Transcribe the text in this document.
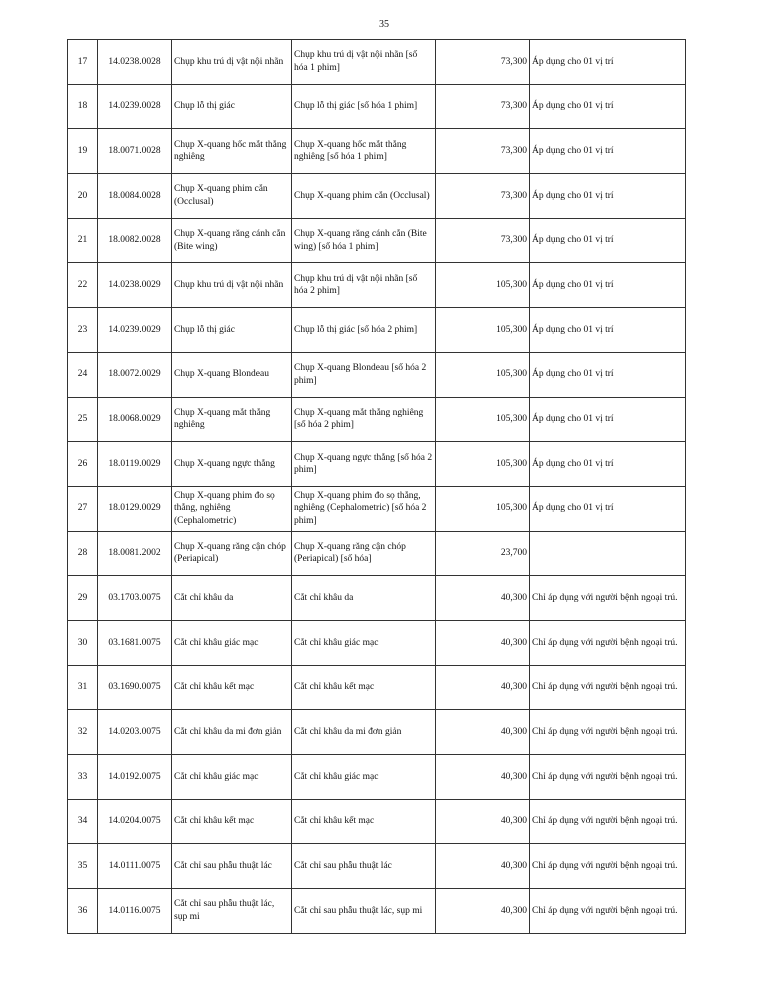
35
17	14.0238.0028	Chụp khu trú dị vật nội nhãn	Chụp khu trú dị vật nội nhãn [số hóa 1 phim]	73,300	Áp dụng cho 01 vị trí
18	14.0239.0028	Chụp lỗ thị giác	Chụp lỗ thị giác [số hóa 1 phim]	73,300	Áp dụng cho 01 vị trí
19	18.0071.0028	Chụp X-quang hốc mắt thẳng nghiêng	Chụp X-quang hốc mắt thẳng nghiêng [số hóa 1 phim]	73,300	Áp dụng cho 01 vị trí
20	18.0084.0028	Chụp X-quang phim cắn (Occlusal)	Chụp X-quang phim cắn (Occlusal)	73,300	Áp dụng cho 01 vị trí
21	18.0082.0028	Chụp X-quang răng cánh cắn (Bite wing)	Chụp X-quang răng cánh cắn (Bite wing) [số hóa 1 phim]	73,300	Áp dụng cho 01 vị trí
22	14.0238.0029	Chụp khu trú dị vật nội nhãn	Chụp khu trú dị vật nội nhãn [số hóa 2 phim]	105,300	Áp dụng cho 01 vị trí
23	14.0239.0029	Chụp lỗ thị giác	Chụp lỗ thị giác [số hóa 2 phim]	105,300	Áp dụng cho 01 vị trí
24	18.0072.0029	Chụp X-quang Blondeau	Chụp X-quang Blondeau [số hóa 2 phim]	105,300	Áp dụng cho 01 vị trí
25	18.0068.0029	Chụp X-quang mắt thẳng nghiêng	Chụp X-quang mắt thẳng nghiêng [số hóa 2 phim]	105,300	Áp dụng cho 01 vị trí
26	18.0119.0029	Chụp X-quang ngực thẳng	Chụp X-quang ngực thẳng [số hóa 2 phim]	105,300	Áp dụng cho 01 vị trí
27	18.0129.0029	Chụp X-quang phim đo sọ thẳng, nghiêng (Cephalometric)	Chụp X-quang phim đo sọ thẳng, nghiêng (Cephalometric) [số hóa 2 phim]	105,300	Áp dụng cho 01 vị trí
28	18.0081.2002	Chụp X-quang răng cận chóp (Periapical)	Chụp X-quang răng cận chóp (Periapical) [số hóa]	23,700	
29	03.1703.0075	Cắt chỉ khâu da	Cắt chỉ khâu da	40,300	Chỉ áp dụng với người bệnh ngoại trú.
30	03.1681.0075	Cắt chỉ khâu giác mạc	Cắt chỉ khâu giác mạc	40,300	Chỉ áp dụng với người bệnh ngoại trú.
31	03.1690.0075	Cắt chỉ khâu kết mạc	Cắt chỉ khâu kết mạc	40,300	Chỉ áp dụng với người bệnh ngoại trú.
32	14.0203.0075	Cắt chỉ khâu da mi đơn giản	Cắt chỉ khâu da mi đơn giản	40,300	Chỉ áp dụng với người bệnh ngoại trú.
33	14.0192.0075	Cắt chỉ khâu giác mạc	Cắt chỉ khâu giác mạc	40,300	Chỉ áp dụng với người bệnh ngoại trú.
34	14.0204.0075	Cắt chỉ khâu kết mạc	Cắt chỉ khâu kết mạc	40,300	Chỉ áp dụng với người bệnh ngoại trú.
35	14.0111.0075	Cắt chỉ sau phẫu thuật lác	Cắt chỉ sau phẫu thuật lác	40,300	Chỉ áp dụng với người bệnh ngoại trú.
36	14.0116.0075	Cắt chỉ sau phẫu thuật lác, sụp mi	Cắt chỉ sau phẫu thuật lác, sụp mi	40,300	Chỉ áp dụng với người bệnh ngoại trú.
